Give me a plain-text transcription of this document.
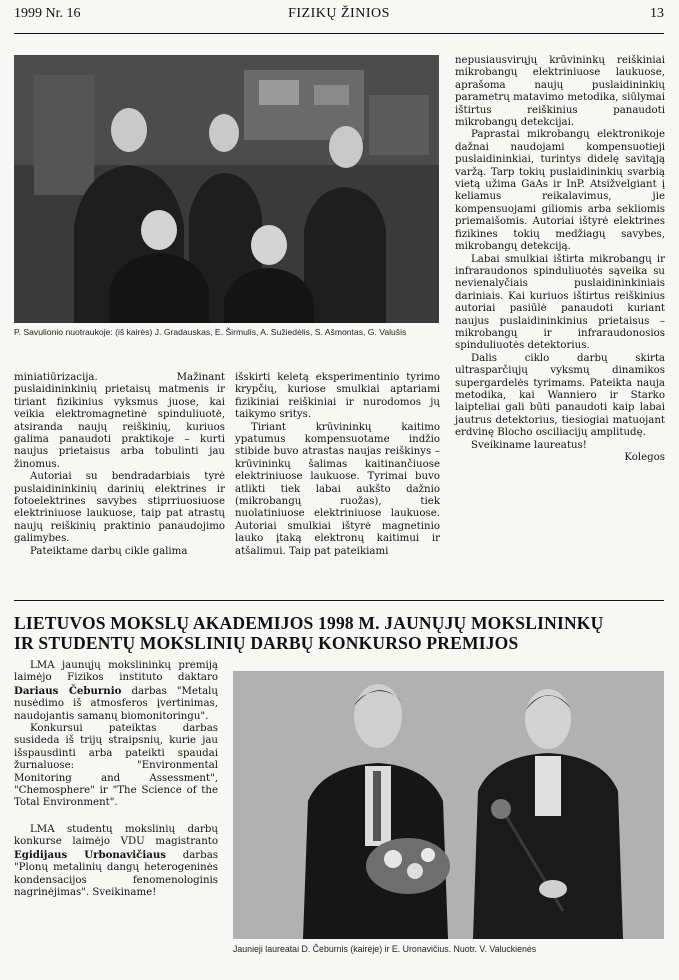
1999 Nr. 16	FIZIKŲ ŽINIOS	13
P. Savulionio nuotraukoje: (iš kairės) J. Gradauskas, E. Širmulis, A. Sužiedėlis, S. Ašmontas, G. Valušis

miniatiūrizacija. Mažinant puslaidininkinių prietaisų matmenis ir tiriant fizikinius vyksmus juose, kai veikia elektromagnetinė spinduliuotė, atsiranda naujų reiškinių, kuriuos galima panaudoti praktikoje – kurti naujus prietaisus arba tobulinti jau žinomus.

Autoriai su bendradarbiais tyrė puslaidininkinių darinių elektrines ir fotoelektrines savybes stiprriuosiuose elektriniuose laukuose, taip pat atrastų naujų reiškinių praktinio panaudojimo galimybes.

Pateiktame darbų cikle galima

išskirti keletą eksperimentinio tyrimo krypčių, kuriose smulkiai aptariami fizikiniai reiškiniai ir nurodomos jų taikymo sritys.

Tiriant krūvininkų kaitimo ypatumus kompensuotame indžio stibide buvo atrastas naujas reiškinys – krūvininkų šalimas kaitinančiuose elektriniuose laukuose. Tyrimai buvo atlikti tiek labai aukšto dažnio (mikrobangų ruožas), tiek nuolatiniuose elektriniuose laukuose. Autoriai smulkiai ištyrė magnetinio lauko įtaką elektronų kaitimui ir atšalimui. Taip pat pateikiami

nepusiausvirųjų krūvininkų reiškiniai mikrobangų elektriniuose laukuose, aprašoma naujų puslaidininkių parametrų matavimo metodika, siūlymai ištirtus reiškinius panaudoti mikrobangų detekcijai.

Paprastai mikrobangų elektronikoje dažnai naudojami kompensuotieji puslaidininkiai, turintys didelę savitąją varžą. Tarp tokių puslaidininkių svarbią vietą užima GaAs ir InP. Atsižvelgiant į keliamus reikalavimus, jie kompensuojami giliomis arba sekliomis priemaišomis. Autoriai ištyrė elektrines fizikines tokių medžiagų savybes, mikrobangų detekciją.

Labai smulkiai ištirta mikrobangų ir infraraudonos spinduliuotės sąveika su nevienalyčiais puslaidininkiniais dariniais. Kai kuriuos ištirtus reiškinius autoriai pasiūlė panaudoti kuriant naujus puslaidininkinius prietaisus – mikrobangų ir infraraudonosios spinduliuotės detektorius.

Dalis ciklo darbų skirta ultrasparčiųjų vyksmų dinamikos supergardelės tyrimams. Pateikta nauja metodika, kai Wanniero ir Starko laipteliai gali būti panaudoti kaip labai jautrus detektorius, tiesiogiai matuojant erdvinę Blocho osciliacijų amplitudę.

Sveikiname laureatus!

Kolegos

LIETUVOS MOKSLŲ AKADEMIJOS 1998 M. JAUNŲJŲ MOKSLININKŲ
IR STUDENTŲ MOKSLINIŲ DARBŲ KONKURSO PREMIJOS

LMA jaunųjų mokslininkų premiją laimėjo Fizikos instituto daktaro Dariaus Čeburnio darbas "Metalų nusėdimo iš atmosferos įvertinimas, naudojantis samanų biomonitoringu".

Konkursui pateiktas darbas susideda iš trijų straipsnių, kurie jau išspausdinti arba pateikti spaudai žurnaluose: "Environmental Monitoring and Assessment", "Chemosphere" ir "The Science of the Total Environment".

LMA studentų mokslinių darbų konkurse laimėjo VDU magistranto Egidijaus Urbonavičiaus darbas "Plonų metalinių dangų heterogeninės kondensacijos fenomenologinis nagrinėjimas". Sveikiname!

Jaunieji laureatai D. Čeburnis (kairėje) ir E. Uronavičius. Nuotr. V. Valuckienės
